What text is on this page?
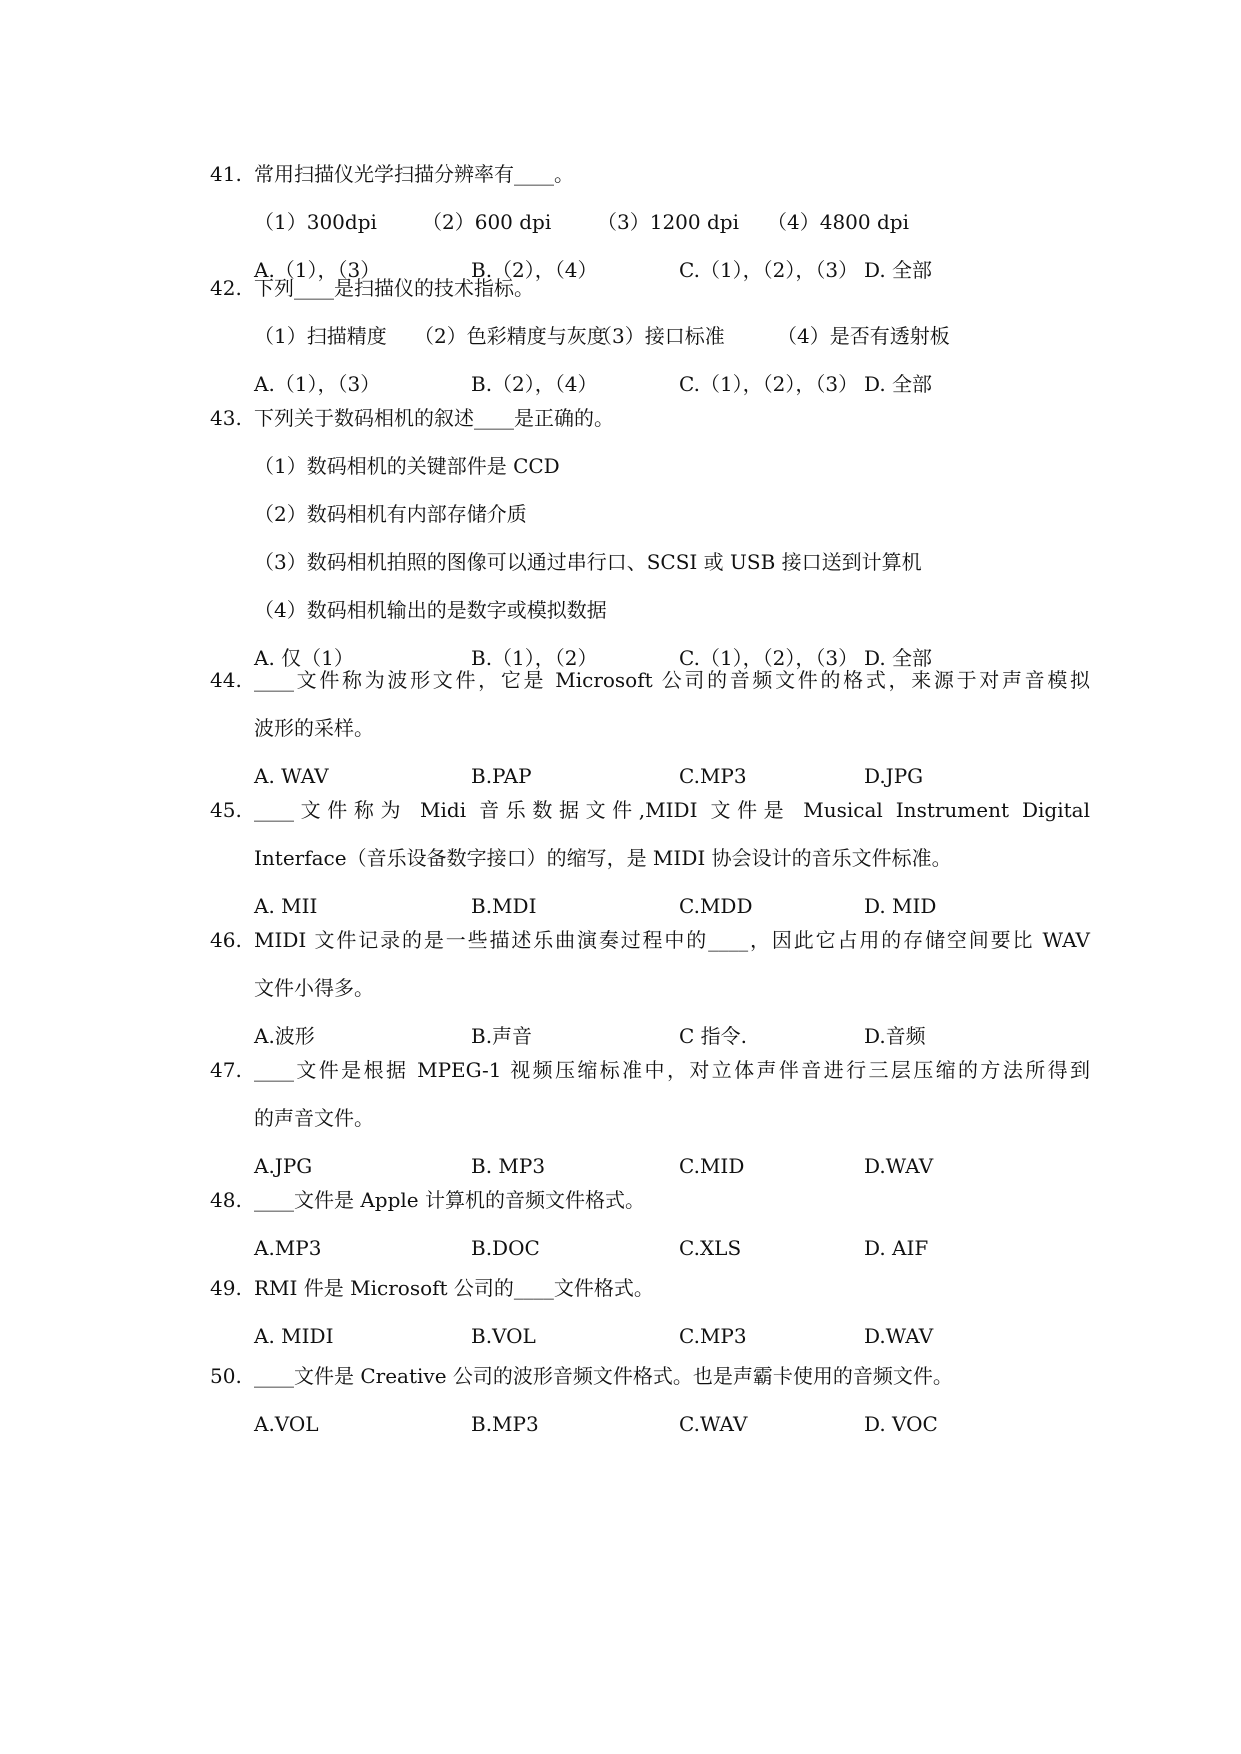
41. 常用扫描仪光学扫描分辨率有____。
（1）300dpi （2）600 dpi （3）1200 dpi （4）4800 dpi
A.（1），（3）	B.（2），（4）	C.（1），（2），（3） D. 全部
42. 下列____是扫描仪的技术指标。
（1）扫描精度 （2）色彩精度与灰度
（3）接口标准	（4）是否有透射板
A.（1），（3）	B.（2），（4）	C.（1），（2），（3） D. 全部
43. 下列关于数码相机的叙述____是正确的。
（1）数码相机的关键部件是 CCD
（2）数码相机有内部存储介质
（3）数码相机拍照的图像可以通过串行口、SCSI 或 USB 接口送到计算机
（4）数码相机输出的是数字或模拟数据
A. 仅（1）	B.（1），（2）	C.（1），（2），（3） D. 全部
44. ____文件称为波形文件，它是 Microsoft 公司的音频文件的格式，来源于对声音模拟
波形的采样。
A. WAV	B.PAP	C.MP3	D.JPG
45. ____文件称为 Midi 音乐数据文件,MIDI 文件是 Musical Instrument Digital
Interface（音乐设备数字接口）的缩写，是 MIDI 协会设计的音乐文件标准。
A. MII	B.MDI	C.MDD	D. MID
46. MIDI 文件记录的是一些描述乐曲演奏过程中的____，因此它占用的存储空间要比 WAV
文件小得多。
A.波形	B.声音	C 指令.	D.音频
47. ____文件是根据 MPEG-1 视频压缩标准中，对立体声伴音进行三层压缩的方法所得到
的声音文件。
A.JPG	B. MP3	C.MID	D.WAV
48. ____文件是 Apple 计算机的音频文件格式。
A.MP3	B.DOC	C.XLS	D. AIF
49. RMI 件是 Microsoft 公司的____文件格式。
A. MIDI	B.VOL	C.MP3	D.WAV
50. ____文件是 Creative 公司的波形音频文件格式。也是声霸卡使用的音频文件。
A.VOL	B.MP3	C.WAV	D. VOC
